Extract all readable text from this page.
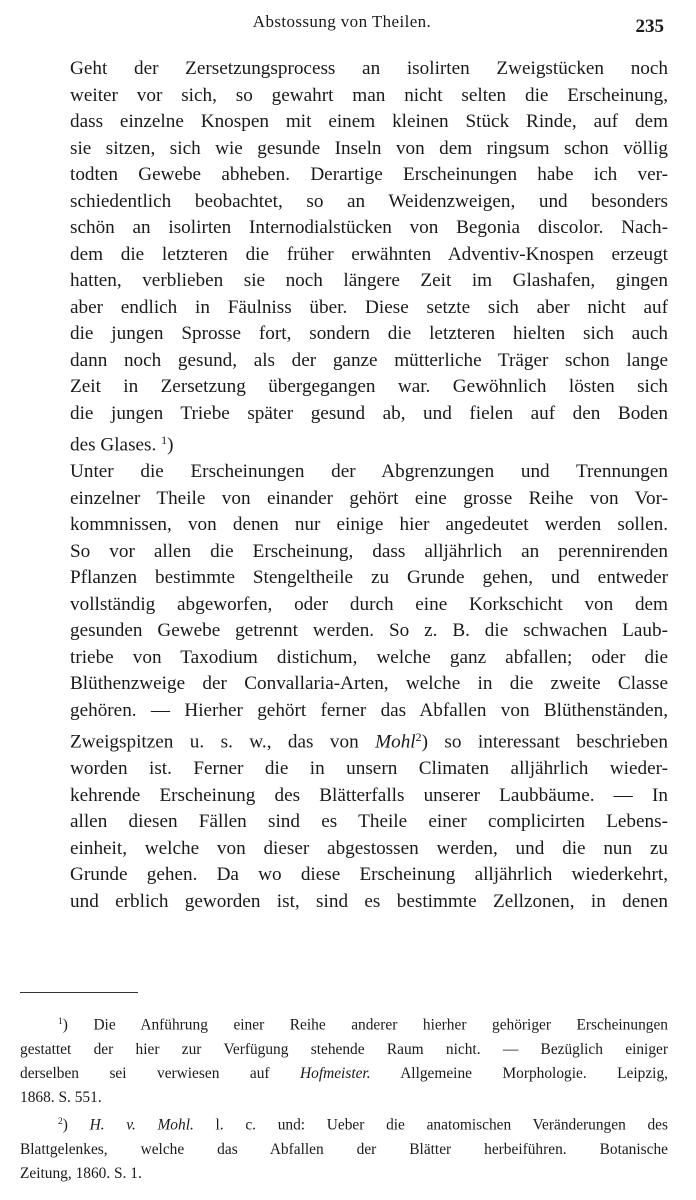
Abstossung von Theilen.	235

Geht der Zersetzungsprocess an isolirten Zweigstücken noch
weiter vor sich, so gewahrt man nicht selten die Erscheinung,
dass einzelne Knospen mit einem kleinen Stück Rinde, auf dem
sie sitzen, sich wie gesunde Inseln von dem ringsum schon völlig
todten Gewebe abheben. Derartige Erscheinungen habe ich ver-
schiedentlich beobachtet, so an Weidenzweigen, und besonders
schön an isolirten Internodialstücken von Begonia discolor. Nach-
dem die letzteren die früher erwähnten Adventiv-Knospen erzeugt
hatten, verblieben sie noch längere Zeit im Glashafen, gingen
aber endlich in Fäulniss über. Diese setzte sich aber nicht auf
die jungen Sprosse fort, sondern die letzteren hielten sich auch
dann noch gesund, als der ganze mütterliche Träger schon lange
Zeit in Zersetzung übergegangen war. Gewöhnlich lösten sich
die jungen Triebe später gesund ab, und fielen auf den Boden
des Glases. $^1$)

Unter die Erscheinungen der Abgrenzungen und Trennungen
einzelner Theile von einander gehört eine grosse Reihe von Vor-
kommnissen, von denen nur einige hier angedeutet werden sollen.
So vor allen die Erscheinung, dass alljährlich an perennirenden
Pflanzen bestimmte Stengeltheile zu Grunde gehen, und entweder
vollständig abgeworfen, oder durch eine Korkschicht von dem
gesunden Gewebe getrennt werden. So z. B. die schwachen Laub-
triebe von Taxodium distichum, welche ganz abfallen; oder die
Blüthenzweige der Convallaria-Arten, welche in die zweite Classe
gehören. — Hierher gehört ferner das Abfallen von Blüthenständen,
Zweigspitzen u. s. w., das von Mohl$^2$) so interessant beschrieben
worden ist. Ferner die in unsern Climaten alljährlich wieder-
kehrende Erscheinung des Blätterfalls unserer Laubbäume. — In
allen diesen Fällen sind es Theile einer complicirten Lebens-
einheit, welche von dieser abgestossen werden, und die nun zu
Grunde gehen. Da wo diese Erscheinung alljährlich wiederkehrt,
und erblich geworden ist, sind es bestimmte Zellzonen, in denen

$^1$) Die Anführung einer Reihe anderer hierher gehöriger Erscheinungen
gestattet der hier zur Verfügung stehende Raum nicht. — Bezüglich einiger
derselben sei verwiesen auf Hofmeister. Allgemeine Morphologie. Leipzig,
1868. S. 551.

$^2$) H. v. Mohl. l. c. und: Ueber die anatomischen Veränderungen des
Blattgelenkes, welche das Abfallen der Blätter herbeiführen. Botanische
Zeitung, 1860. S. 1.
